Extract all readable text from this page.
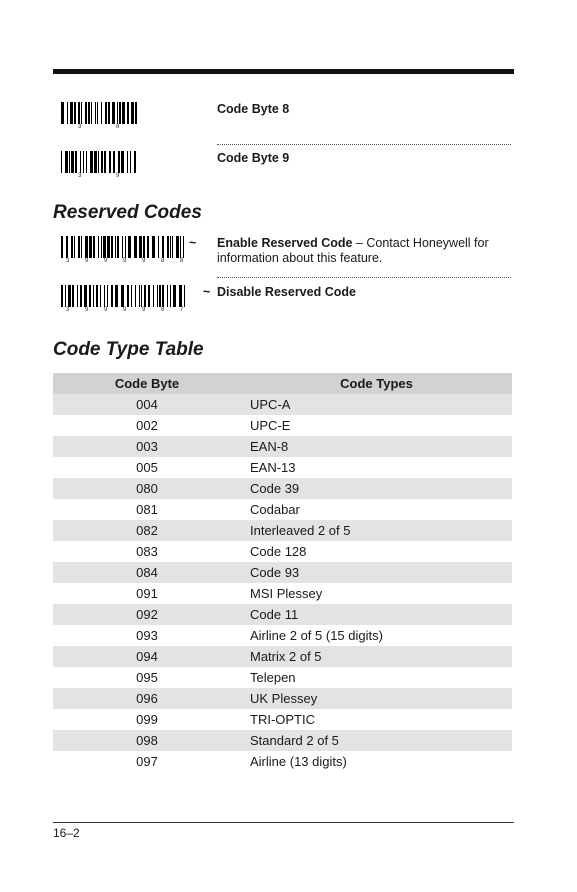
3	8
Code Byte 8
3	9
Code Byte 9
Reserved Codes
3	9	9	9	9	8	8
~ Enable Reserved Code – Contact Honeywell for information about this feature.
3	9	9	9	9	8	7
~ Disable Reserved Code
Code Type Table
Code Byte	Code Types
004	UPC-A
002	UPC-E
003	EAN-8
005	EAN-13
080	Code 39
081	Codabar
082	Interleaved 2 of 5
083	Code 128
084	Code 93
091	MSI Plessey
092	Code 11
093	Airline 2 of 5 (15 digits)
094	Matrix 2 of 5
095	Telepen
096	UK Plessey
099	TRI-OPTIC
098	Standard 2 of 5
097	Airline (13 digits)
16–2
